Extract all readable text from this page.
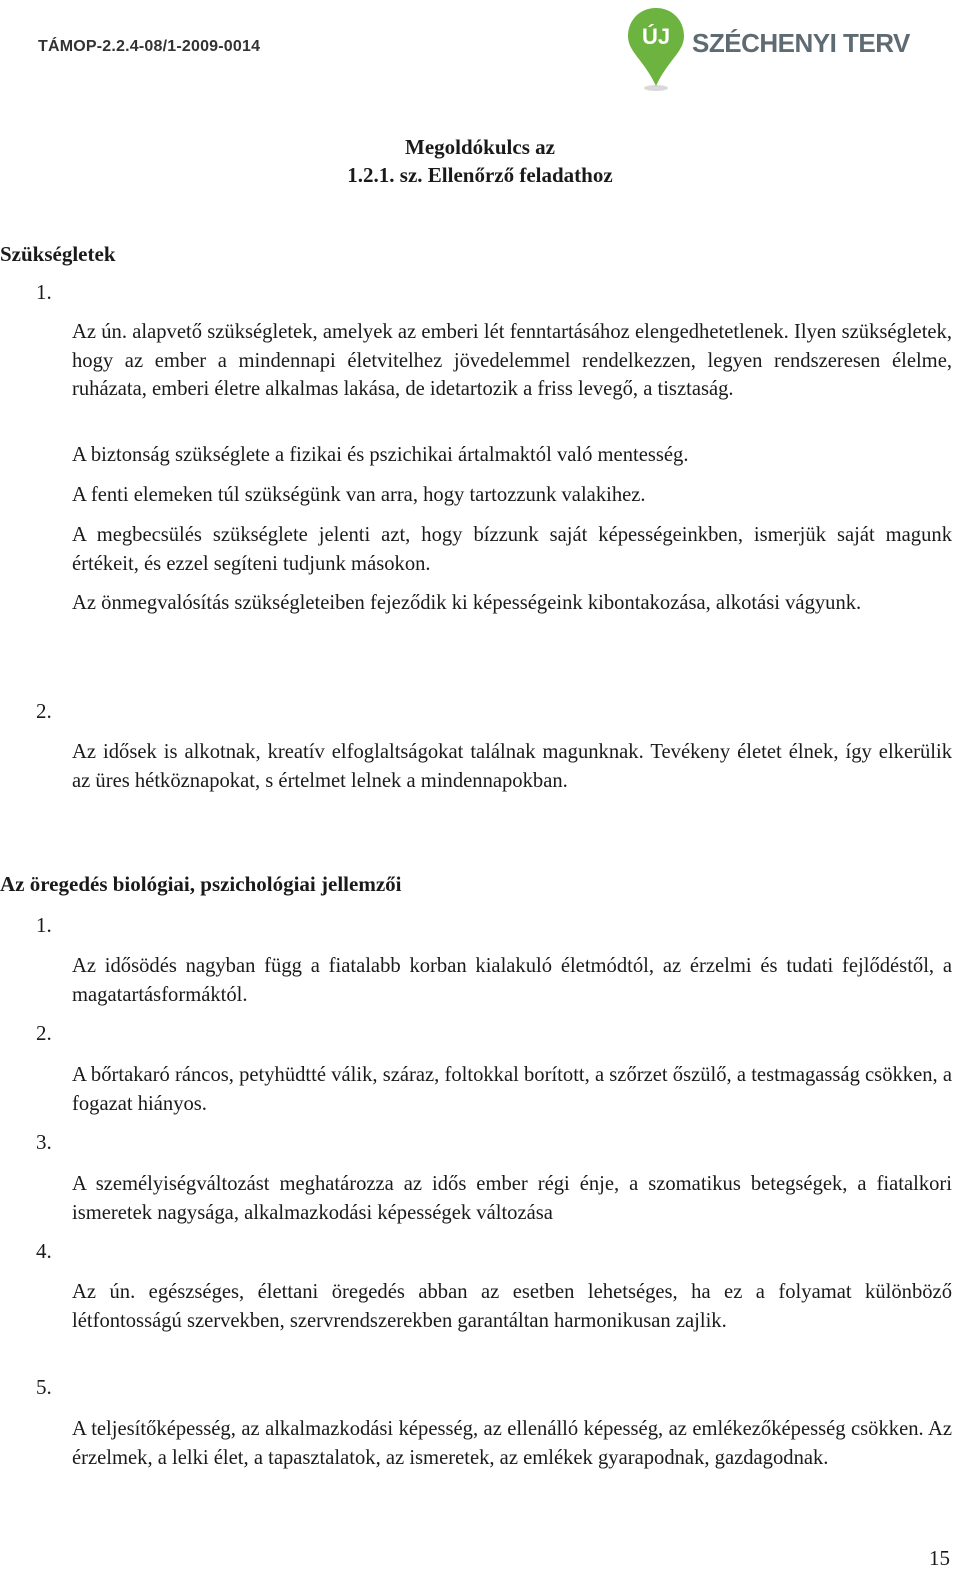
TÁMOP-2.2.4-08/1-2009-0014	ÚJ SZÉCHENYI TERV
Megoldókulcs az
1.2.1. sz. Ellenőrző feladathoz
Szükségletek
1.
Az ún. alapvető szükségletek, amelyek az emberi lét fenntartásához elengedhetetlenek. Ilyen szükségletek, hogy az ember a mindennapi életvitelhez jövedelemmel rendelkezzen, legyen rendszeresen élelme, ruházata, emberi életre alkalmas lakása, de idetartozik a friss levegő, a tisztaság.
A biztonság szükséglete a fizikai és pszichikai ártalmaktól való mentesség.
A fenti elemeken túl szükségünk van arra, hogy tartozzunk valakihez.
A megbecsülés szükséglete jelenti azt, hogy bízzunk saját képességeinkben, ismerjük saját magunk értékeit, és ezzel segíteni tudjunk másokon.
Az önmegvalósítás szükségleteiben fejeződik ki képességeink kibontakozása, alkotási vágyunk.
2.
Az idősek is alkotnak, kreatív elfoglaltságokat találnak magunknak. Tevékeny életet élnek, így elkerülik az üres hétköznapokat, s értelmet lelnek a mindennapokban.
Az öregedés biológiai, pszichológiai jellemzői
1.
Az idősödés nagyban függ a fiatalabb korban kialakuló életmódtól, az érzelmi és tudati fejlődéstől, a magatartásformáktól.
2.
A bőrtakaró ráncos, petyhüdtté válik, száraz, foltokkal borított, a szőrzet őszülő, a testmagasság csökken, a fogazat hiányos.
3.
A személyiségváltozást meghatározza az idős ember régi énje, a szomatikus betegségek, a fiatalkori ismeretek nagysága, alkalmazkodási képességek változása
4.
Az ún. egészséges, élettani öregedés abban az esetben lehetséges, ha ez a folyamat különböző létfontosságú szervekben, szervrendszerekben garantáltan harmonikusan zajlik.
5.
A teljesítőképesség, az alkalmazkodási képesség, az ellenálló képesség, az emlékezőképesség csökken. Az érzelmek, a lelki élet, a tapasztalatok, az ismeretek, az emlékek gyarapodnak, gazdagodnak.
15
